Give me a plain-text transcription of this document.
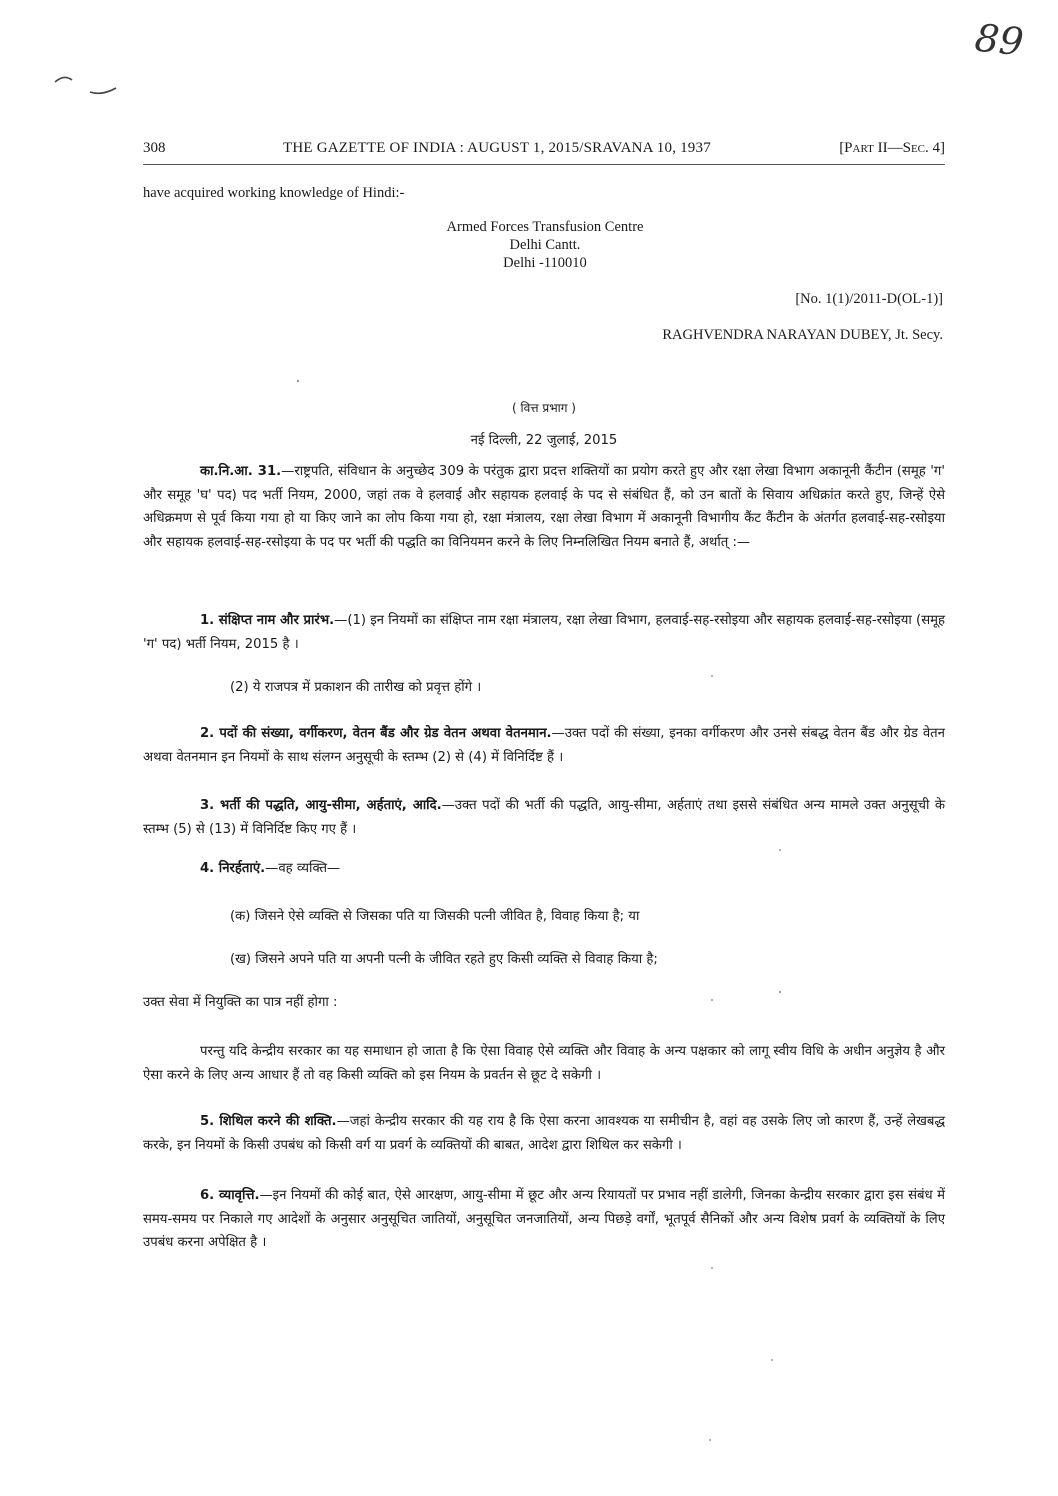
89
308	THE GAZETTE OF INDIA : AUGUST 1, 2015/SRAVANA 10, 1937	[Part II—Sec. 4]
have acquired working knowledge of Hindi:-
Armed Forces Transfusion Centre
Delhi Cantt.
Delhi -110010
[No. 1(1)/2011-D(OL-1)]
RAGHVENDRA NARAYAN DUBEY, Jt. Secy.
( वित्त प्रभाग )
नई दिल्ली, 22 जुलाई, 2015
का.नि.आ. 31.—राष्ट्रपति, संविधान के अनुच्छेद 309 के परंतुक द्वारा प्रदत्त शक्तियों का प्रयोग करते हुए और रक्षा लेखा विभाग अकानूनी कैंटीन (समूह 'ग' और समूह 'घ' पद) पद भर्ती नियम, 2000, जहां तक वे हलवाई और सहायक हलवाई के पद से संबंधित हैं, को उन बातों के सिवाय अधिक्रांत करते हुए, जिन्हें ऐसे अधिक्रमण से पूर्व किया गया हो या किए जाने का लोप किया गया हो, रक्षा मंत्रालय, रक्षा लेखा विभाग में अकानूनी विभागीय कैंट कैंटीन के अंतर्गत हलवाई-सह-रसोइया और सहायक हलवाई-सह-रसोइया के पद पर भर्ती की पद्धति का विनियमन करने के लिए निम्नलिखित नियम बनाते हैं, अर्थात् :—
1. संक्षिप्त नाम और प्रारंभ.—(1) इन नियमों का संक्षिप्त नाम रक्षा मंत्रालय, रक्षा लेखा विभाग, हलवाई-सह-रसोइया और सहायक हलवाई-सह-रसोइया (समूह 'ग' पद) भर्ती नियम, 2015 है ।
(2) ये राजपत्र में प्रकाशन की तारीख को प्रवृत्त होंगे ।
2. पदों की संख्या, वर्गीकरण, वेतन बैंड और ग्रेड वेतन अथवा वेतनमान.—उक्त पदों की संख्या, इनका वर्गीकरण और उनसे संबद्ध वेतन बैंड और ग्रेड वेतन अथवा वेतनमान इन नियमों के साथ संलग्न अनुसूची के स्तम्भ (2) से (4) में विनिर्दिष्ट हैं ।
3. भर्ती की पद्धति, आयु-सीमा, अर्हताएं, आदि.—उक्त पदों की भर्ती की पद्धति, आयु-सीमा, अर्हताएं तथा इससे संबंधित अन्य मामले उक्त अनुसूची के स्तम्भ (5) से (13) में विनिर्दिष्ट किए गए हैं ।
4. निरर्हताएं.—वह व्यक्ति—
(क) जिसने ऐसे व्यक्ति से जिसका पति या जिसकी पत्नी जीवित है, विवाह किया है; या
(ख) जिसने अपने पति या अपनी पत्नी के जीवित रहते हुए किसी व्यक्ति से विवाह किया है;
उक्त सेवा में नियुक्ति का पात्र नहीं होगा :
परन्तु यदि केन्द्रीय सरकार का यह समाधान हो जाता है कि ऐसा विवाह ऐसे व्यक्ति और विवाह के अन्य पक्षकार को लागू स्वीय विधि के अधीन अनुज्ञेय है और ऐसा करने के लिए अन्य आधार हैं तो वह किसी व्यक्ति को इस नियम के प्रवर्तन से छूट दे सकेगी ।
5. शिथिल करने की शक्ति.—जहां केन्द्रीय सरकार की यह राय है कि ऐसा करना आवश्यक या समीचीन है, वहां वह उसके लिए जो कारण हैं, उन्हें लेखबद्ध करके, इन नियमों के किसी उपबंध को किसी वर्ग या प्रवर्ग के व्यक्तियों की बाबत, आदेश द्वारा शिथिल कर सकेगी ।
6. व्यावृत्ति.—इन नियमों की कोई बात, ऐसे आरक्षण, आयु-सीमा में छूट और अन्य रियायतों पर प्रभाव नहीं डालेगी, जिनका केन्द्रीय सरकार द्वारा इस संबंध में समय-समय पर निकाले गए आदेशों के अनुसार अनुसूचित जातियों, अनुसूचित जनजातियों, अन्य पिछड़े वर्गों, भूतपूर्व सैनिकों और अन्य विशेष प्रवर्ग के व्यक्तियों के लिए उपबंध करना अपेक्षित है ।
